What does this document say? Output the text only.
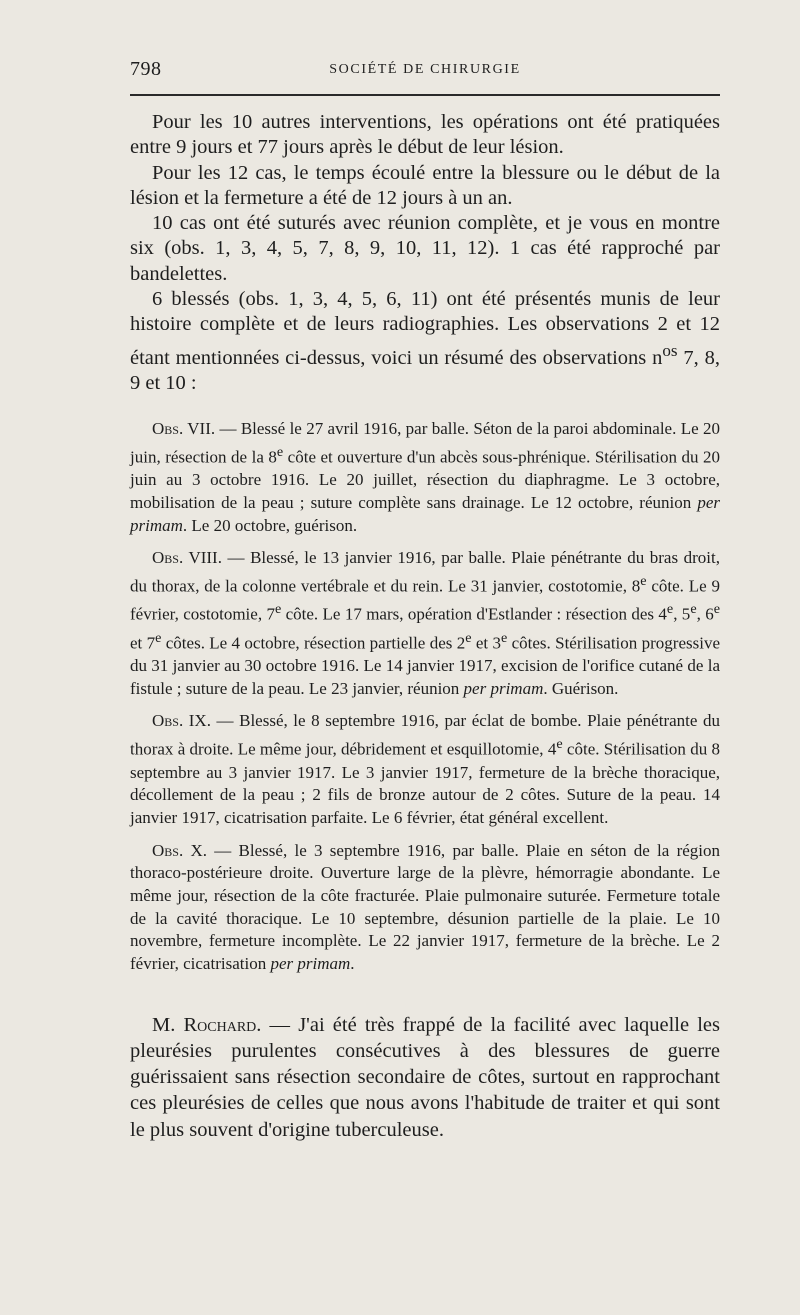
798	SOCIÉTÉ DE CHIRURGIE

Pour les 10 autres interventions, les opérations ont été pratiquées entre 9 jours et 77 jours après le début de leur lésion.

Pour les 12 cas, le temps écoulé entre la blessure ou le début de la lésion et la fermeture a été de 12 jours à un an.

10 cas ont été suturés avec réunion complète, et je vous en montre six (obs. 1, 3, 4, 5, 7, 8, 9, 10, 11, 12). 1 cas été rapproché par bandelettes.

6 blessés (obs. 1, 3, 4, 5, 6, 11) ont été présentés munis de leur histoire complète et de leurs radiographies. Les observations 2 et 12 étant mentionnées ci-dessus, voici un résumé des observations $n^{os}$ 7, 8, 9 et 10 :

Obs. VII. — Blessé le 27 avril 1916, par balle. Séton de la paroi abdominale. Le 20 juin, résection de la 8e côte et ouverture d'un abcès sous-phrénique. Stérilisation du 20 juin au 3 octobre 1916. Le 20 juillet, résection du diaphragme. Le 3 octobre, mobilisation de la peau ; suture complète sans drainage. Le 12 octobre, réunion per primam. Le 20 octobre, guérison.

Obs. VIII. — Blessé, le 13 janvier 1916, par balle. Plaie pénétrante du bras droit, du thorax, de la colonne vertébrale et du rein. Le 31 janvier, costotomie, 8e côte. Le 9 février, costotomie, 7e côte. Le 17 mars, opération d'Estlander : résection des 4e, 5e, 6e et 7e côtes. Le 4 octobre, résection partielle des 2e et 3e côtes. Stérilisation progressive du 31 janvier au 30 octobre 1916. Le 14 janvier 1917, excision de l'orifice cutané de la fistule ; suture de la peau. Le 23 janvier, réunion per primam. Guérison.

Obs. IX. — Blessé, le 8 septembre 1916, par éclat de bombe. Plaie pénétrante du thorax à droite. Le même jour, débridement et esquillotomie, 4e côte. Stérilisation du 8 septembre au 3 janvier 1917. Le 3 janvier 1917, fermeture de la brèche thoracique, décollement de la peau ; 2 fils de bronze autour de 2 côtes. Suture de la peau. 14 janvier 1917, cicatrisation parfaite. Le 6 février, état général excellent.

Obs. X. — Blessé, le 3 septembre 1916, par balle. Plaie en séton de la région thoraco-postérieure droite. Ouverture large de la plèvre, hémorragie abondante. Le même jour, résection de la côte fracturée. Plaie pulmonaire suturée. Fermeture totale de la cavité thoracique. Le 10 septembre, désunion partielle de la plaie. Le 10 novembre, fermeture incomplète. Le 22 janvier 1917, fermeture de la brèche. Le 2 février, cicatrisation per primam.

M. Rochard. — J'ai été très frappé de la facilité avec laquelle les pleurésies purulentes consécutives à des blessures de guerre guérissaient sans résection secondaire de côtes, surtout en rapprochant ces pleurésies de celles que nous avons l'habitude de traiter et qui sont le plus souvent d'origine tuberculeuse.
